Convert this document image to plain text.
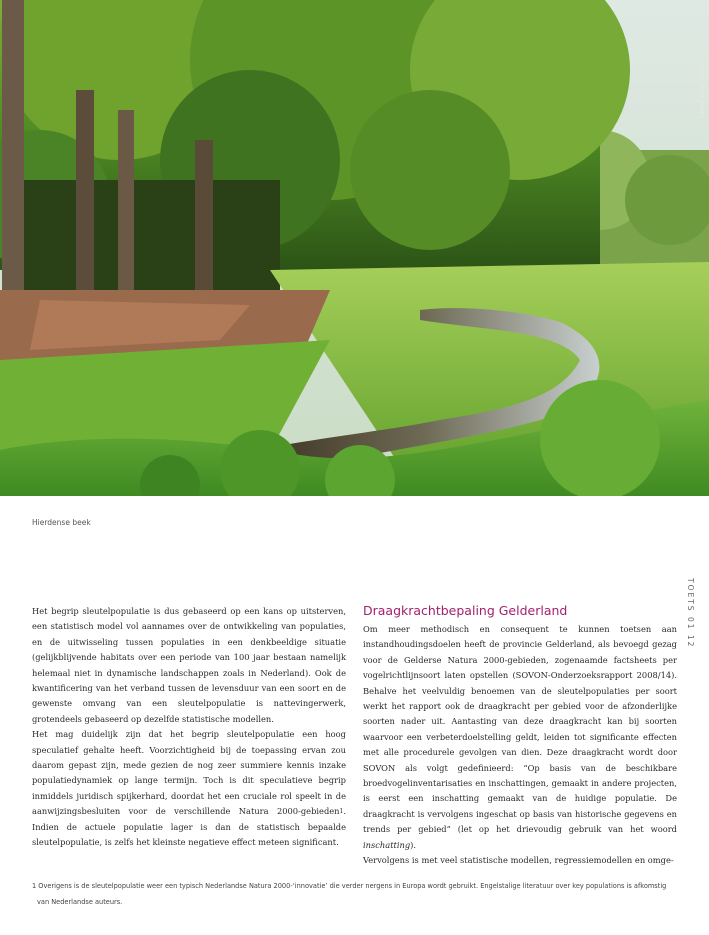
Foto: Bert Maes
Hierdense beek
TOETS 01 12

Het begrip sleutelpopulatie is dus gebaseerd op een kans op uitsterven, een statistisch model vol aannames over de ontwikkeling van populaties, en de uitwisseling tussen populaties in een denkbeeldige situatie (gelijkblijvende habitats over een periode van 100 jaar bestaan namelijk helemaal niet in dynamische landschappen zoals in Nederland). Ook de kwantificering van het verband tussen de levensduur van een soort en de gewenste omvang van een sleutelpopulatie is nattevingerwerk, grotendeels gebaseerd op dezelfde statistische modellen.

Het mag duidelijk zijn dat het begrip sleutelpopulatie een hoog speculatief gehalte heeft. Voorzichtigheid bij de toepassing ervan zou daarom gepast zijn, mede gezien de nog zeer summiere kennis inzake populatiedynamiek op lange termijn. Toch is dit speculatieve begrip inmiddels juridisch spijkerhard, doordat het een cruciale rol speelt in de aanwijzingsbesluiten voor de verschillende Natura 2000-gebieden$^1$. Indien de actuele populatie lager is dan de statistisch bepaalde sleutelpopulatie, is zelfs het kleinste negatieve effect meteen significant.

Draagkrachtbepaling Gelderland

Om meer methodisch en consequent te kunnen toetsen aan instandhoudingsdoelen heeft de provincie Gelderland, als bevoegd gezag voor de Gelderse Natura 2000-gebieden, zogenaamde factsheets per vogelrichtlijnsoort laten opstellen (SOVON-Onderzoeksrapport 2008/14). Behalve het veelvuldig benoemen van de sleutelpopulaties per soort werkt het rapport ook de draagkracht per gebied voor de afzonderlijke soorten nader uit. Aantasting van deze draagkracht kan bij soorten waarvoor een verbeterdoelstelling geldt, leiden tot significante effecten met alle procedurele gevolgen van dien. Deze draagkracht wordt door SOVON als volgt gedefinieerd: “Op basis van de beschikbare broedvogelinventarisaties en inschattingen, gemaakt in andere projecten, is eerst een inschatting gemaakt van de huidige populatie. De draagkracht is vervolgens ingeschat op basis van historische gegevens en trends per gebied” (let op het drievoudig gebruik van het woord inschatting).

Vervolgens is met veel statistische modellen, regressiemodellen en omge-

1 Overigens is de sleutelpopulatie weer een typisch Nederlandse Natura 2000-‘innovatie’ die verder nergens in Europa wordt gebruikt. Engelstalige literatuur over key populations is afkomstig
van Nederlandse auteurs.
